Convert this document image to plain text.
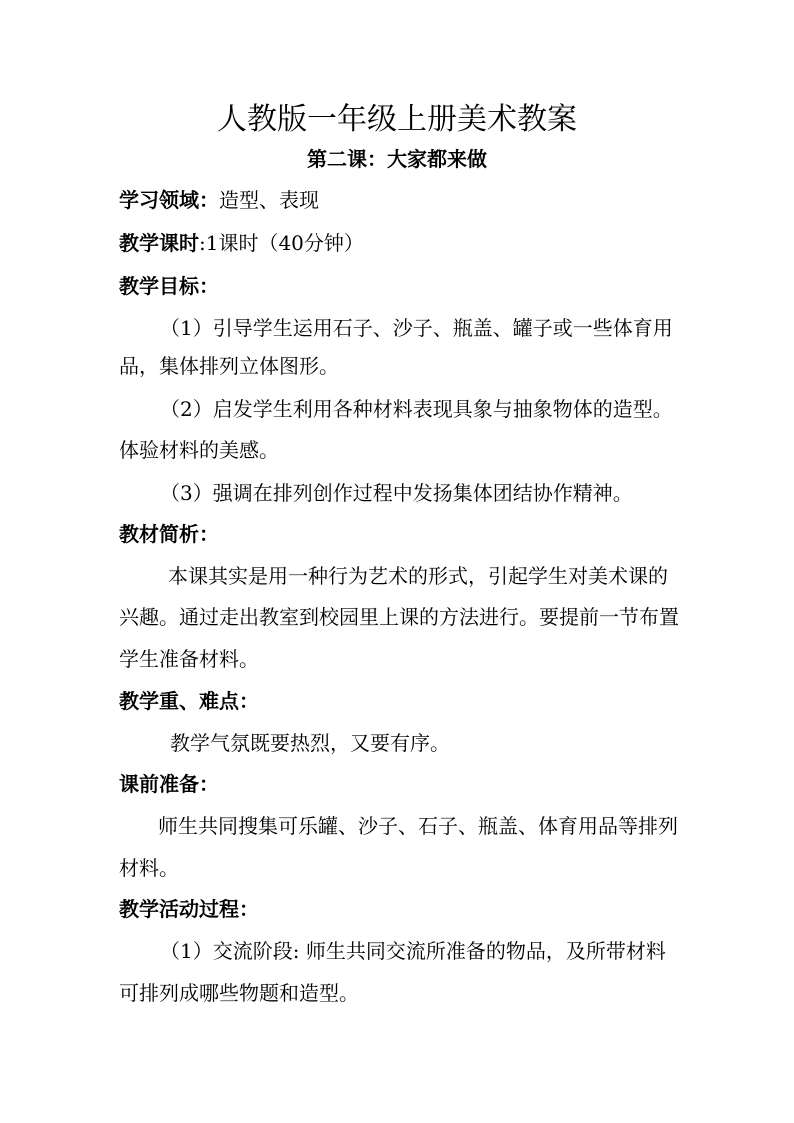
人教版一年级上册美术教案
第二课：大家都来做
学习领域：造型、表现
教学课时:1课时（40分钟）
教学目标：
（1）引导学生运用石子、沙子、瓶盖、罐子或一些体育用
品，集体排列立体图形。
（2）启发学生利用各种材料表现具象与抽象物体的造型。
体验材料的美感。
（3）强调在排列创作过程中发扬集体团结协作精神。
教材简析：
本课其实是用一种行为艺术的形式，引起学生对美术课的
兴趣。通过走出教室到校园里上课的方法进行。要提前一节布置
学生准备材料。
教学重、难点：
教学气氛既要热烈，又要有序。
课前准备：
师生共同搜集可乐罐、沙子、石子、瓶盖、体育用品等排列
材料。
教学活动过程：
（1）交流阶段: 师生共同交流所准备的物品，及所带材料
可排列成哪些物题和造型。
